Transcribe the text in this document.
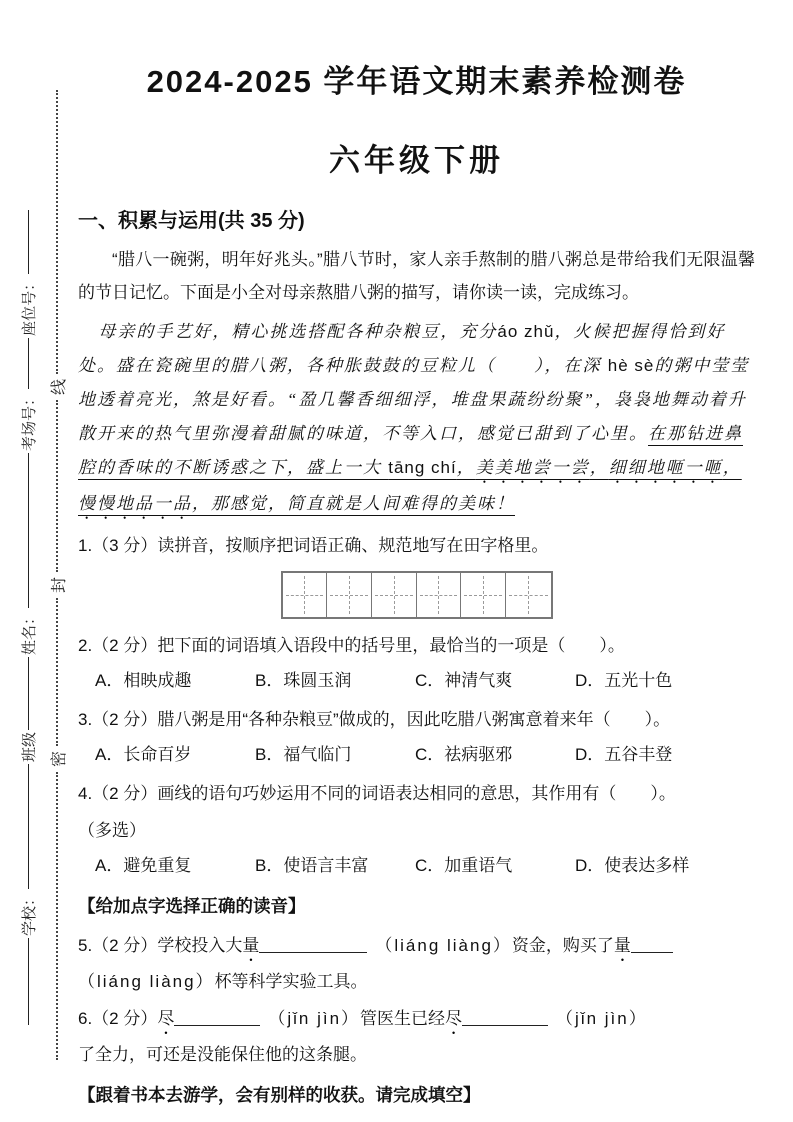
密
封
线
学校：
班级
姓名：
考场号：
座位号：
2024-2025 学年语文期末素养检测卷
六年级下册
一、积累与运用(共 35 分)

“腊八一碗粥，明年好兆头。”腊八节时，家人亲手熬制的腊八粥总是带给我们无限温馨的节日记忆。下面是小全对母亲熬腊八粥的描写，请你读一读，完成练习。

母亲的手艺好，精心挑选搭配各种杂粮豆，充分áo zhǔ，火候把握得恰到好处。盛在瓷碗里的腊八粥，各种胀鼓鼓的豆粒儿（　　），在深 hè sè的粥中莹莹地透着亮光，煞是好看。“盈几馨香细细浮，堆盘果蔬纷纷聚”，袅袅地舞动着升散开来的热气里弥漫着甜腻的味道，不等入口，感觉已甜到了心里。在那钻进鼻腔的香味的不断诱惑之下，盛上一大 tāng chí，美美地尝一尝，细细地咂一咂，慢慢地品一品，那感觉，简直就是人间难得的美味！

1.（3 分）读拼音，按顺序把词语正确、规范地写在田字格里。
2.（2 分）把下面的词语填入语段中的括号里，最恰当的一项是（　　）。
A．相映成趣	B．珠圆玉润	C．神清气爽	D．五光十色
3.（2 分）腊八粥是用“各种杂粮豆”做成的，因此吃腊八粥寓意着来年（　　）。
A．长命百岁	B．福气临门	C．祛病驱邪	D．五谷丰登
4.（2 分）画线的语句巧妙运用不同的词语表达相同的意思，其作用有（　　）。
（多选）
A．避免重复	B．使语言丰富	C．加重语气	D．使表达多样
【给加点字选择正确的读音】
5.（2 分）学校投入大量	（liáng liàng）资金，购买了量
（liáng liàng）杯等科学实验工具。
6.（2 分）尽	（jǐn jìn）管医生已经尽	（jǐn jìn）
了全力，可还是没能保住他的这条腿。
【跟着书本去游学，会有别样的收获。请完成填空】
